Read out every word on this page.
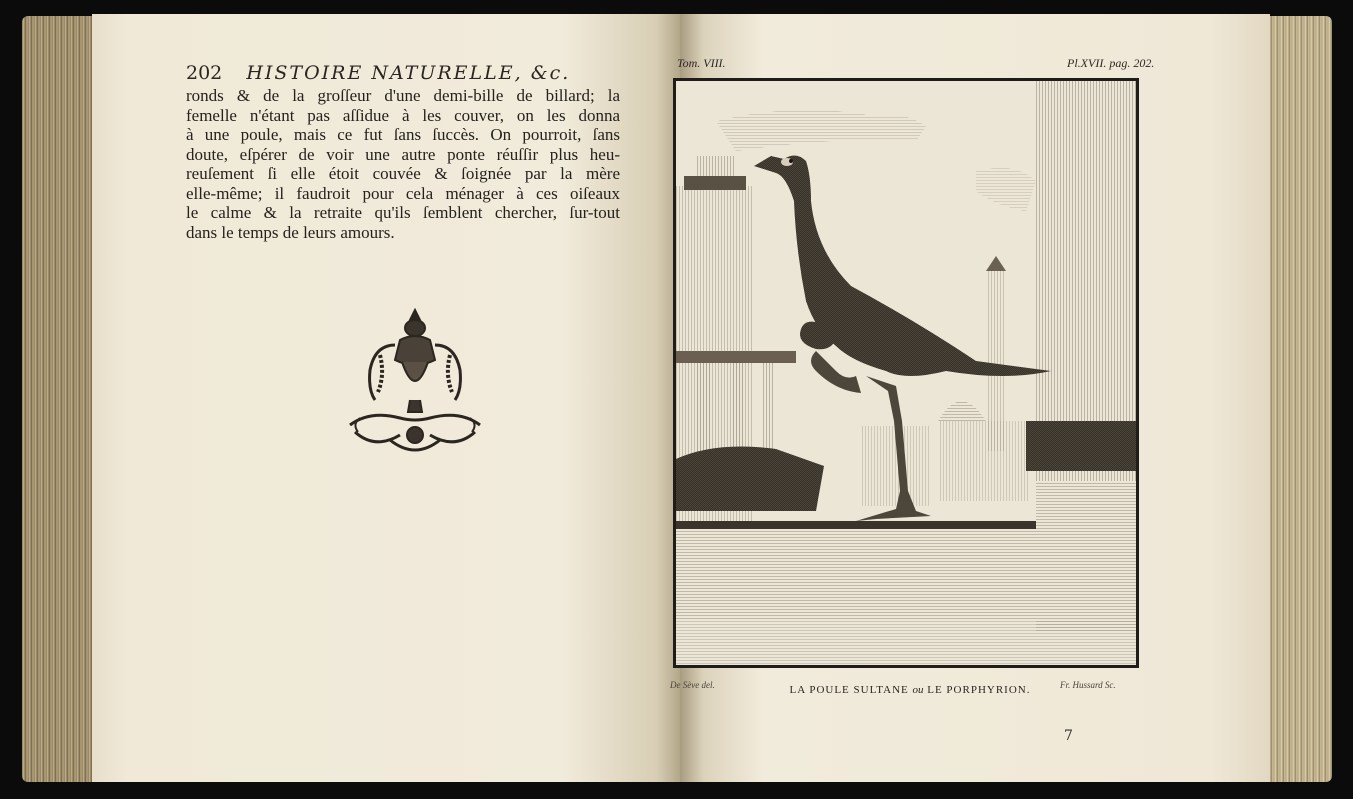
202 HISTOIRE NATURELLE, &c.
ronds & de la groſſeur d'une demi-bille de billard; la
femelle n'étant pas aſſidue à les couver, on les donna
à une poule, mais ce fut ſans ſuccès. On pourroit, ſans
doute, eſpérer de voir une autre ponte réuſſir plus heu-
reuſement ſi elle étoit couvée & ſoignée par la mère
elle-même; il faudroit pour cela ménager à ces oiſeaux
le calme & la retraite qu'ils ſemblent chercher, ſur-tout
dans le temps de leurs amours.
Tom. VIII.	Pl.XVII. pag. 202.
De Sève del.	LA POULE SULTANE ou LE PORPHYRION.	Fr. Hussard Sc.
7
